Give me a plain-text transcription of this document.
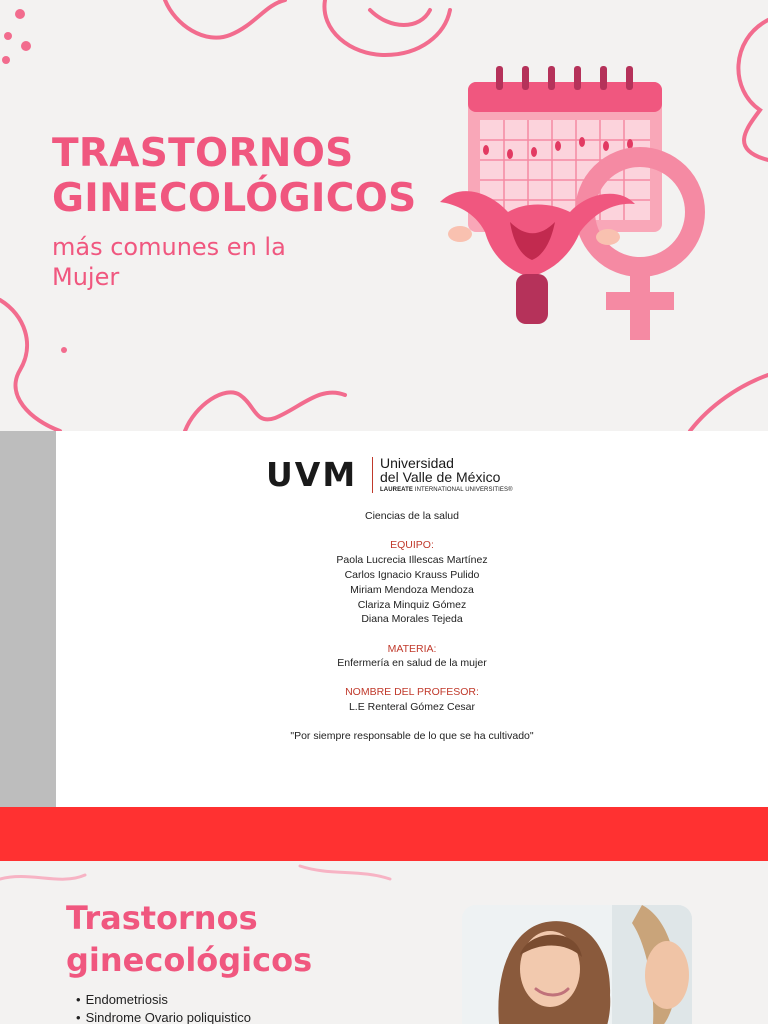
TRASTORNOS
GINECOLÓGICOS
más comunes en la
Mujer
UVM Universidad
del Valle de México
LAUREATE INTERNATIONAL UNIVERSITIES®

Ciencias de la salud

EQUIPO:

Paola Lucrecia Illescas Martínez

Carlos Ignacio Krauss Pulido

Miriam Mendoza Mendoza

Clariza Minquiz Gómez

Diana Morales Tejeda

MATERIA:

Enfermería en salud de la mujer

NOMBRE DEL PROFESOR:

L.E Renteral Gómez Cesar

"Por siempre responsable de lo que se ha cultivado"

Trastornos
ginecológicos
• Endometriosis
• Sindrome Ovario poliquistico
